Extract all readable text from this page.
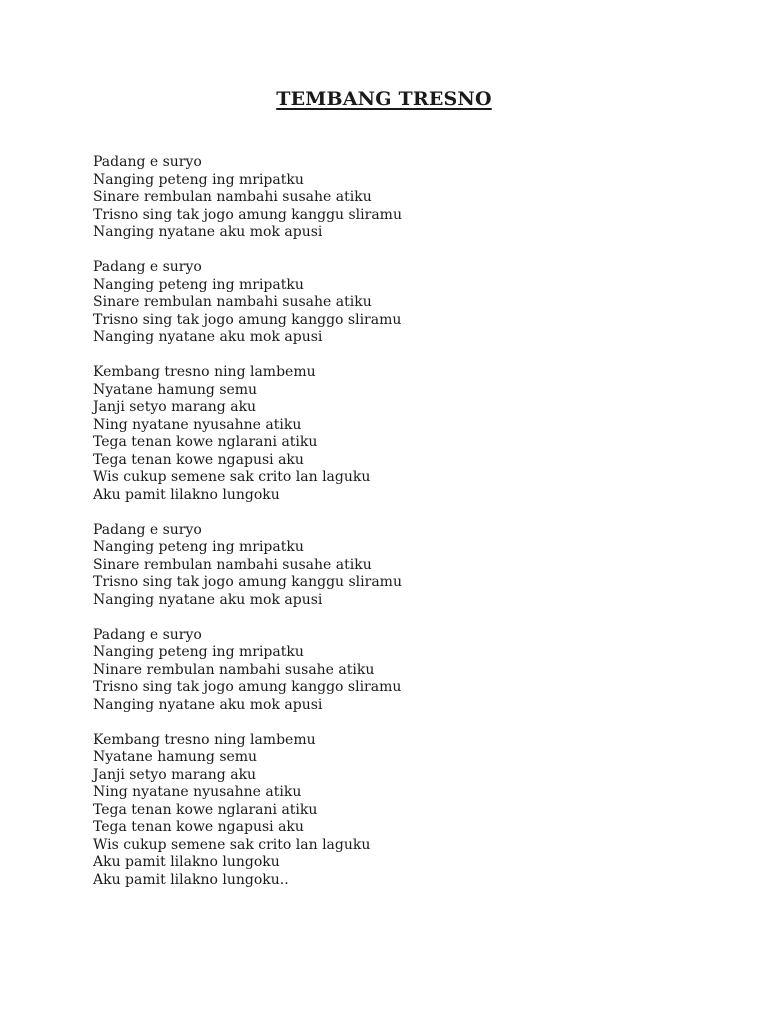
TEMBANG TRESNO
Padang e suryo
Nanging peteng ing mripatku
Sinare rembulan nambahi susahe atiku
Trisno sing tak jogo amung kanggu sliramu
Nanging nyatane aku mok apusi
Padang e suryo
Nanging peteng ing mripatku
Sinare rembulan nambahi susahe atiku
Trisno sing tak jogo amung kanggo sliramu
Nanging nyatane aku mok apusi
Kembang tresno ning lambemu
Nyatane hamung semu
Janji setyo marang aku
Ning nyatane nyusahne atiku
Tega tenan kowe nglarani atiku
Tega tenan kowe ngapusi aku
Wis cukup semene sak crito lan laguku
Aku pamit lilakno lungoku
Padang e suryo
Nanging peteng ing mripatku
Sinare rembulan nambahi susahe atiku
Trisno sing tak jogo amung kanggu sliramu
Nanging nyatane aku mok apusi
Padang e suryo
Nanging peteng ing mripatku
Ninare rembulan nambahi susahe atiku
Trisno sing tak jogo amung kanggo sliramu
Nanging nyatane aku mok apusi
Kembang tresno ning lambemu
Nyatane hamung semu
Janji setyo marang aku
Ning nyatane nyusahne atiku
Tega tenan kowe nglarani atiku
Tega tenan kowe ngapusi aku
Wis cukup semene sak crito lan laguku
Aku pamit lilakno lungoku
Aku pamit lilakno lungoku..
